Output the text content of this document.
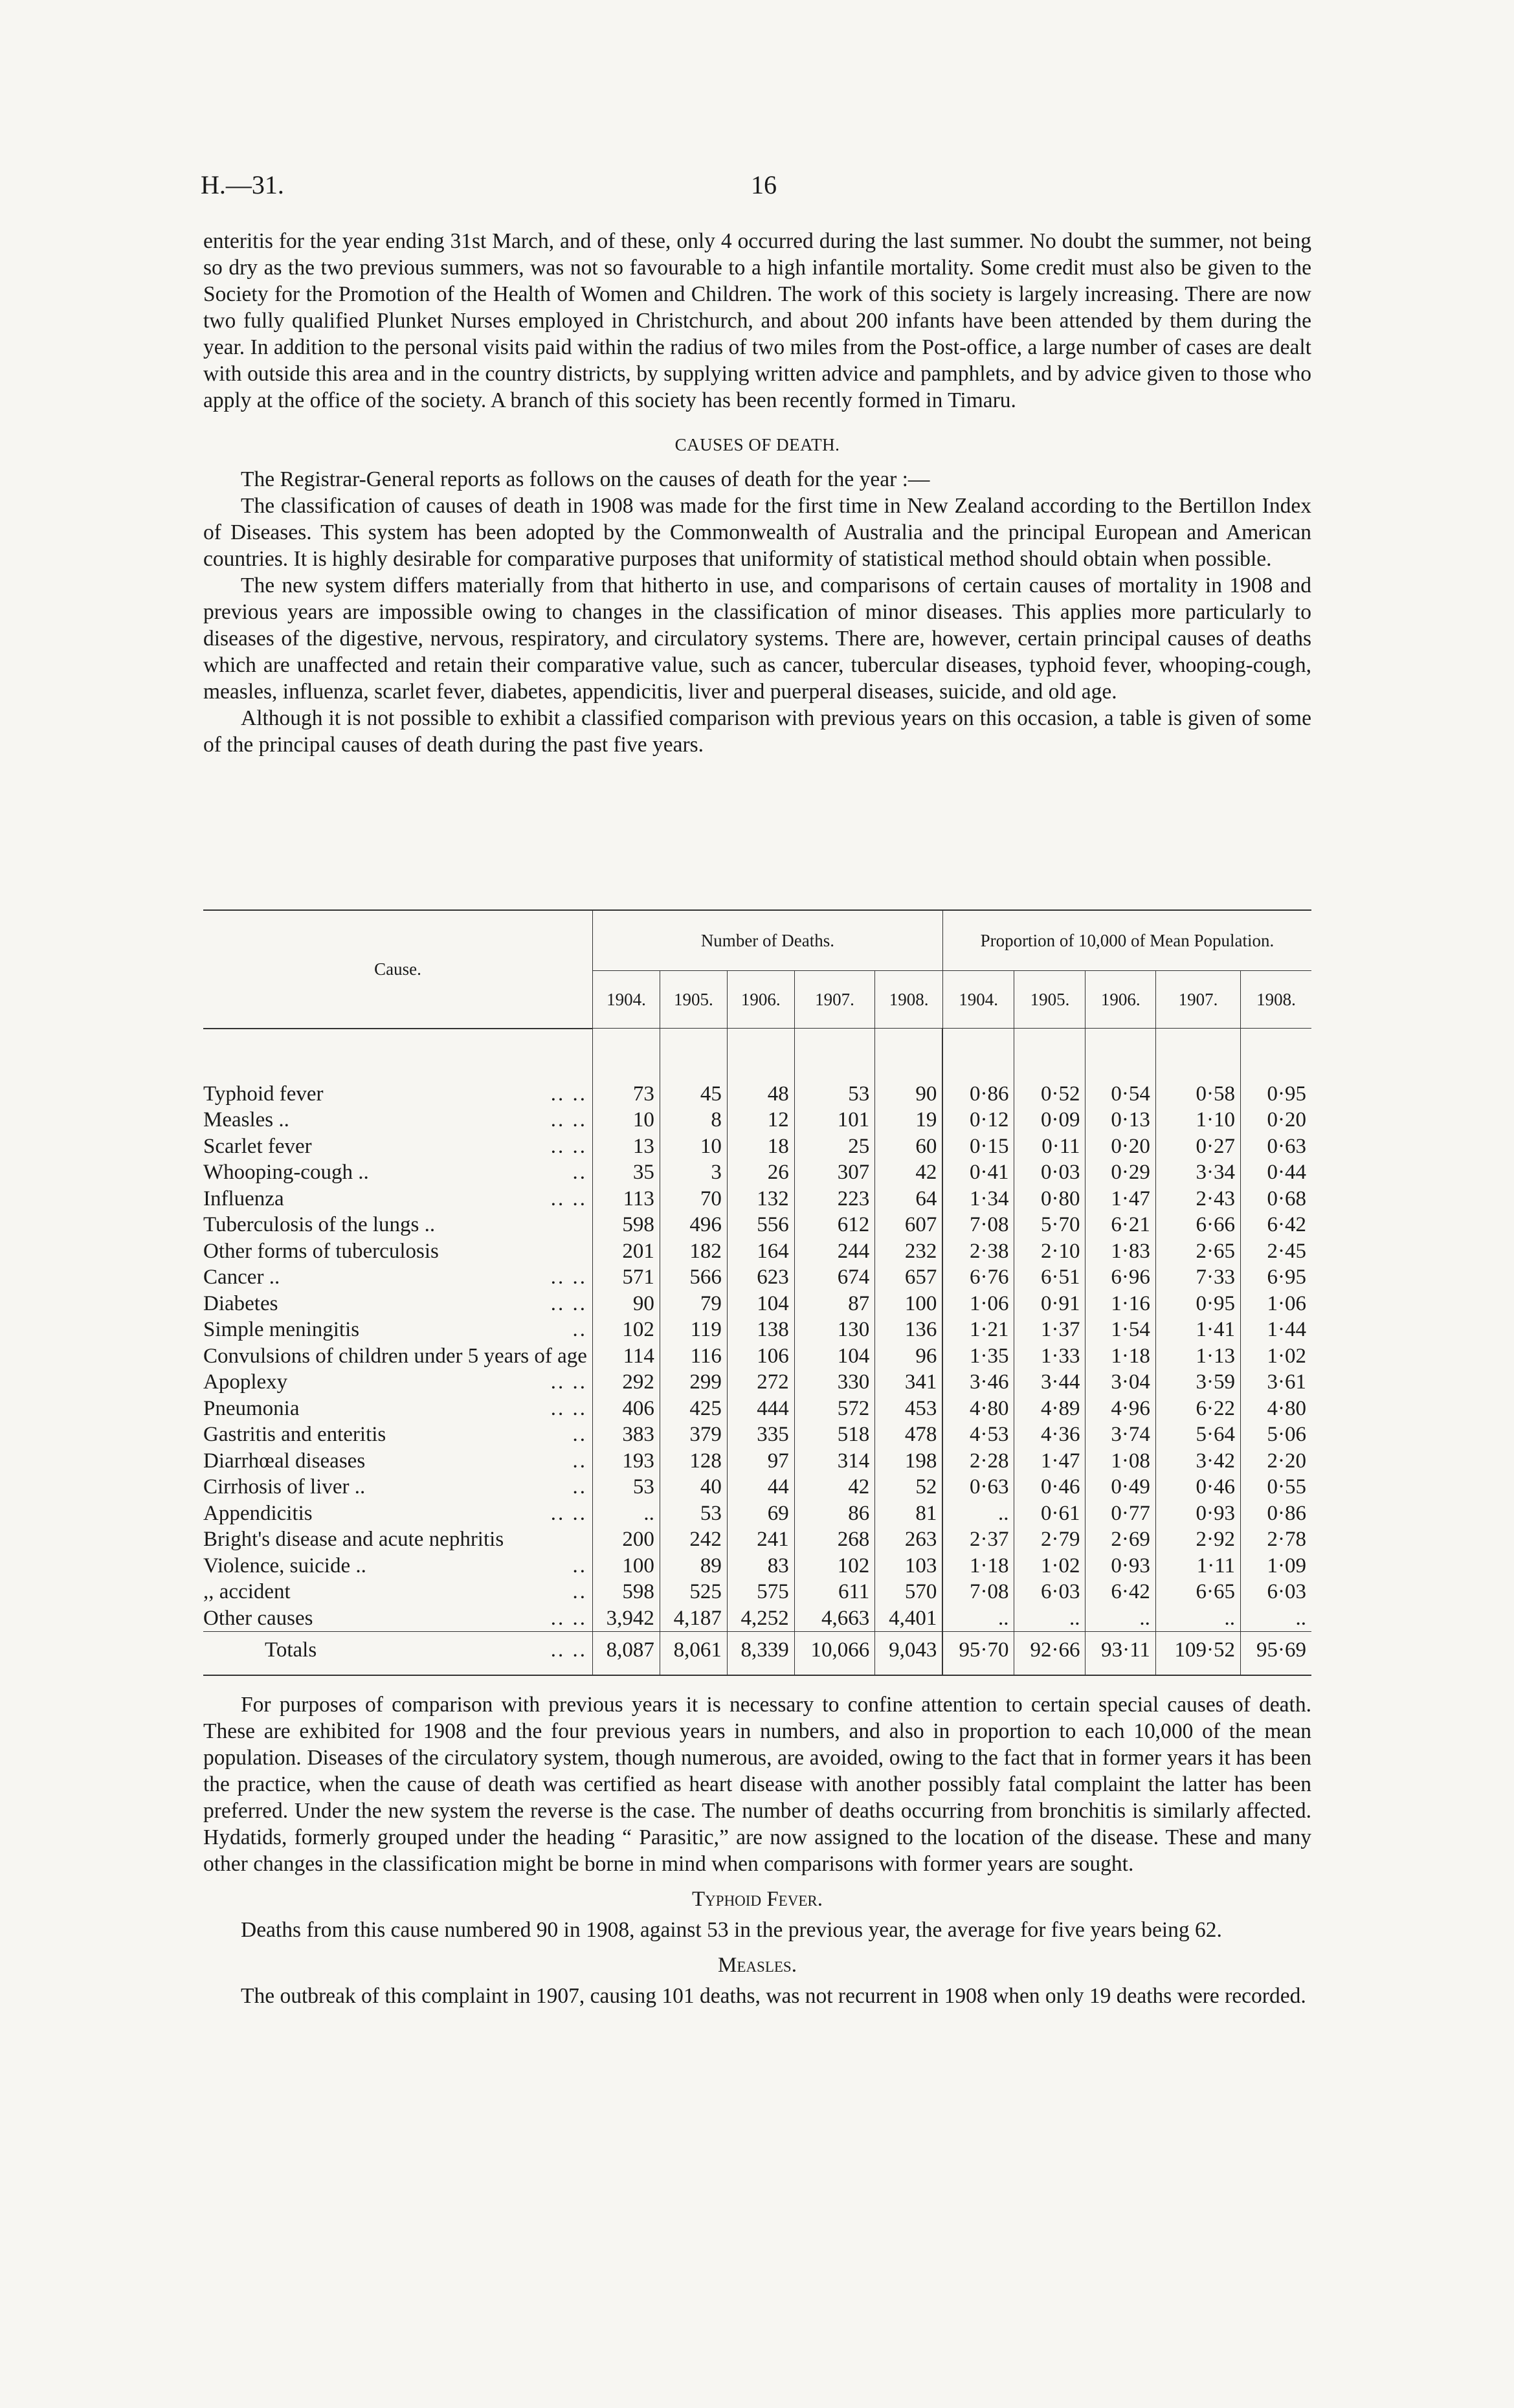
H.—31.	16

enteritis for the year ending 31st March, and of these, only 4 occurred during the last summer. No doubt the summer, not being so dry as the two previous summers, was not so favourable to a high infantile mortality. Some credit must also be given to the Society for the Promotion of the Health of Women and Children. The work of this society is largely increasing. There are now two fully qualified Plunket Nurses employed in Christchurch, and about 200 infants have been attended by them during the year. In addition to the personal visits paid within the radius of two miles from the Post-office, a large number of cases are dealt with outside this area and in the country districts, by supplying written advice and pamphlets, and by advice given to those who apply at the office of the society. A branch of this society has been recently formed in Timaru.

CAUSES OF DEATH.

The Registrar-General reports as follows on the causes of death for the year :—

The classification of causes of death in 1908 was made for the first time in New Zealand according to the Bertillon Index of Diseases. This system has been adopted by the Commonwealth of Australia and the principal European and American countries. It is highly desirable for comparative purposes that uniformity of statistical method should obtain when possible.

The new system differs materially from that hitherto in use, and comparisons of certain causes of mortality in 1908 and previous years are impossible owing to changes in the classification of minor diseases. This applies more particularly to diseases of the digestive, nervous, respiratory, and circulatory systems. There are, however, certain principal causes of deaths which are unaffected and retain their comparative value, such as cancer, tubercular diseases, typhoid fever, whooping-cough, measles, influenza, scarlet fever, diabetes, appendicitis, liver and puerperal diseases, suicide, and old age.

Although it is not possible to exhibit a classified comparison with previous years on this occasion, a table is given of some of the principal causes of death during the past five years.

Cause.	Number of Deaths.					Proportion of 10,000 of Mean Population.				
	1904.	1905.	1906.	1907.	1908.	1904.	1905.	1906.	1907.	1908.

Typhoid fever .. ..	73	45	48	53	90	0·86	0·52	0·54	0·58	0·95
Measles .. .. ..	10	8	12	101	19	0·12	0·09	0·13	1·10	0·20
Scarlet fever .. ..	13	10	18	25	60	0·15	0·11	0·20	0·27	0·63
Whooping-cough .. ..	35	3	26	307	42	0·41	0·03	0·29	3·34	0·44
Influenza .. ..	113	70	132	223	64	1·34	0·80	1·47	2·43	0·68
Tuberculosis of the lungs ..	598	496	556	612	607	7·08	5·70	6·21	6·66	6·42
Other forms of tuberculosis	201	182	164	244	232	2·38	2·10	1·83	2·65	2·45
Cancer .. .. ..	571	566	623	674	657	6·76	6·51	6·96	7·33	6·95
Diabetes .. ..	90	79	104	87	100	1·06	0·91	1·16	0·95	1·06
Simple meningitis ..	102	119	138	130	136	1·21	1·37	1·54	1·41	1·44
Convulsions of children under 5 years of age	114	116	106	104	96	1·35	1·33	1·18	1·13	1·02
Apoplexy .. ..	292	299	272	330	341	3·46	3·44	3·04	3·59	3·61
Pneumonia .. ..	406	425	444	572	453	4·80	4·89	4·96	6·22	4·80
Gastritis and enteritis ..	383	379	335	518	478	4·53	4·36	3·74	5·64	5·06
Diarrhœal diseases ..	193	128	97	314	198	2·28	1·47	1·08	3·42	2·20
Cirrhosis of liver .. ..	53	40	44	42	52	0·63	0·46	0·49	0·46	0·55
Appendicitis .. ..	..	53	69	86	81	..	0·61	0·77	0·93	0·86
Bright's disease and acute nephritis	200	242	241	268	263	2·37	2·79	2·69	2·92	2·78
Violence, suicide .. ..	100	89	83	102	103	1·18	1·02	0·93	1·11	1·09
,, accident ..	598	525	575	611	570	7·08	6·03	6·42	6·65	6·03
Other causes .. ..	3,942	4,187	4,252	4,663	4,401	..	..	..	..	..
Totals .. ..	8,087	8,061	8,339	10,066	9,043	95·70	92·66	93·11	109·52	95·69

For purposes of comparison with previous years it is necessary to confine attention to certain special causes of death. These are exhibited for 1908 and the four previous years in numbers, and also in proportion to each 10,000 of the mean population. Diseases of the circulatory system, though numerous, are avoided, owing to the fact that in former years it has been the practice, when the cause of death was certified as heart disease with another possibly fatal complaint the latter has been preferred. Under the new system the reverse is the case. The number of deaths occurring from bronchitis is similarly affected. Hydatids, formerly grouped under the heading “ Parasitic,” are now assigned to the location of the disease. These and many other changes in the classification might be borne in mind when comparisons with former years are sought.

Typhoid Fever.

Deaths from this cause numbered 90 in 1908, against 53 in the previous year, the average for five years being 62.

Measles.

The outbreak of this complaint in 1907, causing 101 deaths, was not recurrent in 1908 when only 19 deaths were recorded.
